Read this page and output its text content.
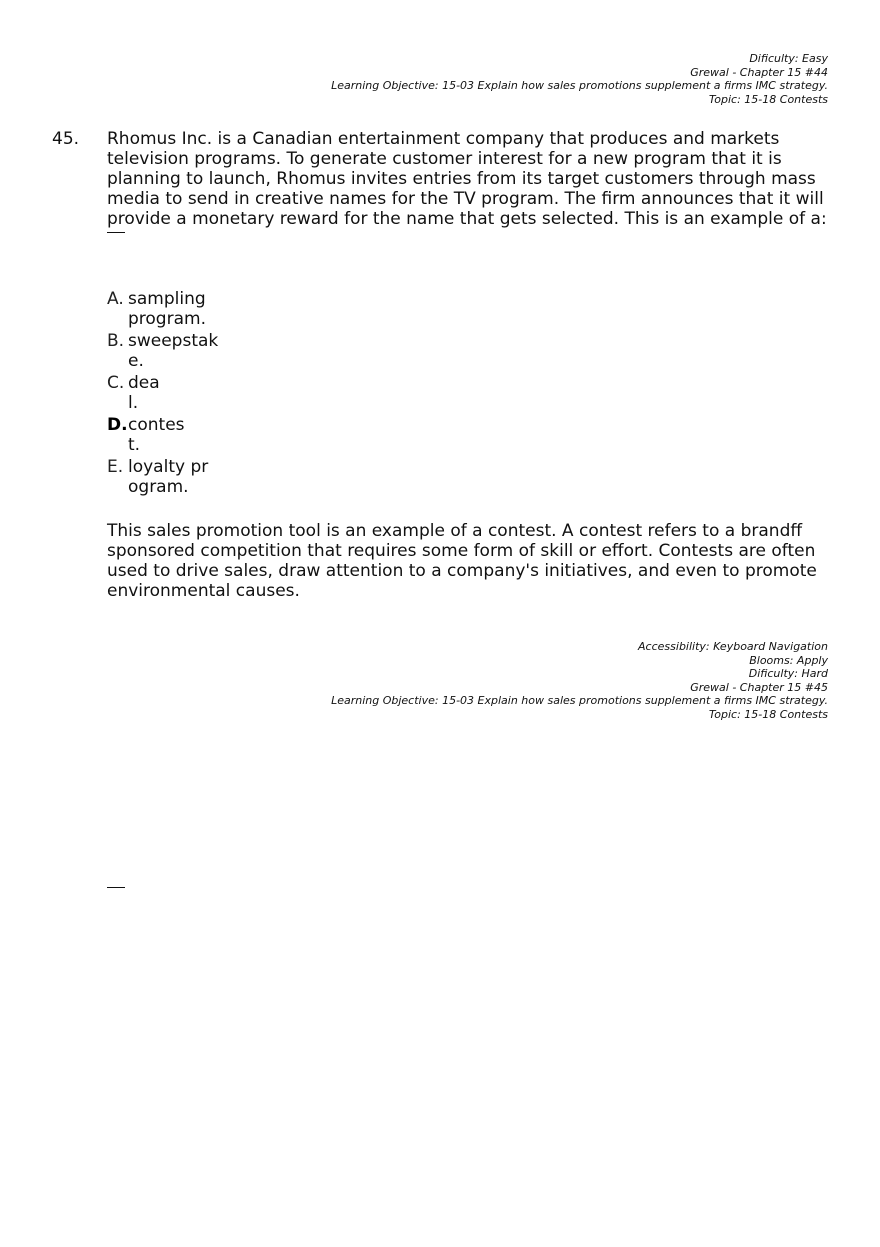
Dificulty: Easy
Grewal - Chapter 15 #44
Learning Objective: 15-03 Explain how sales promotions supplement a firms IMC strategy.
Topic: 15-18 Contests
45. Rhomus Inc. is a Canadian entertainment company that produces and markets television programs. To generate customer interest for a new program that it is planning to launch, Rhomus invites entries from its target customers through mass media to send in creative names for the TV program. The firm announces that it will provide a monetary reward for the name that gets selected. This is an example of a:
A. sampling program.
B. sweepstake.
C. deal.
D. contest.
E. loyalty program.
This sales promotion tool is an example of a contest. A contest refers to a brandff sponsored competition that requires some form of skill or effort. Contests are often used to drive sales, draw attention to a company's initiatives, and even to promote environmental causes.
Accessibility: Keyboard Navigation
Blooms: Apply
Dificulty: Hard
Grewal - Chapter 15 #45
Learning Objective: 15-03 Explain how sales promotions supplement a firms IMC strategy.
Topic: 15-18 Contests
